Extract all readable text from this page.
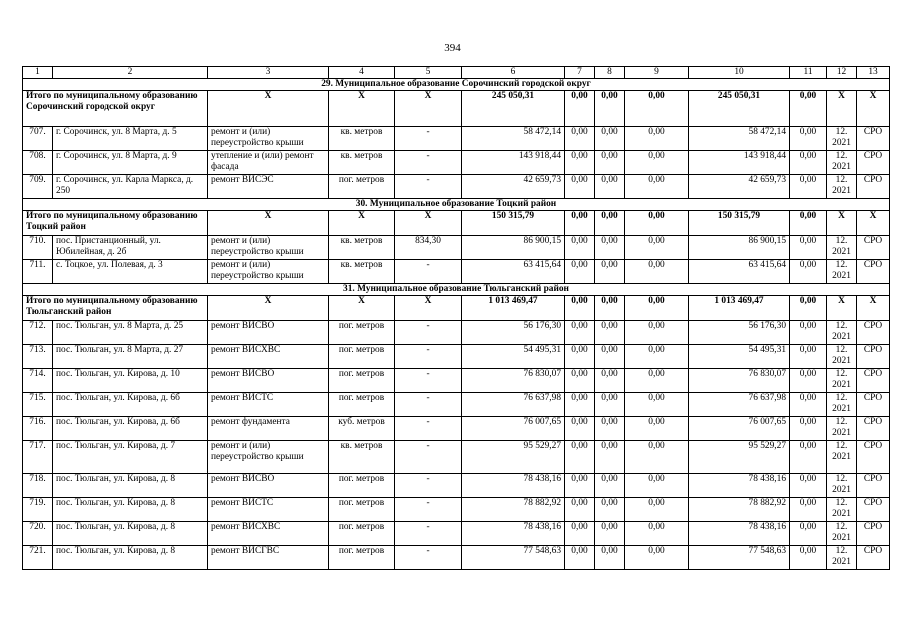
394
1	2	3	4	5	6	7	8	9	10	11	12	13
29. Муниципальное образование Сорочинский городской округ												
Итого по муниципальному образованию Сорочинский городской округ		X	X	X	245 050,31	0,00	0,00	0,00	245 050,31	0,00	X	X
707.	г. Сорочинск, ул. 8 Марта, д. 5	ремонт и (или) переустройство крыши	кв. метров	-	58 472,14	0,00	0,00	0,00	58 472,14	0,00	12. 2021	СРО
708.	г. Сорочинск, ул. 8 Марта, д. 9	утепление и (или) ремонт фасада	кв. метров	-	143 918,44	0,00	0,00	0,00	143 918,44	0,00	12. 2021	СРО
709.	г. Сорочинск, ул. Карла Маркса, д. 250	ремонт ВИСЭС	пог. метров	-	42 659,73	0,00	0,00	0,00	42 659,73	0,00	12. 2021	СРО
30. Муниципальное образование Тоцкий район												
Итого по муниципальному образованию Тоцкий район		X	X	X	150 315,79	0,00	0,00	0,00	150 315,79	0,00	X	X
710.	пос. Пристанционный, ул. Юбилейная, д. 2б	ремонт и (или) переустройство крыши	кв. метров	834,30	86 900,15	0,00	0,00	0,00	86 900,15	0,00	12. 2021	СРО
711.	с. Тоцкое, ул. Полевая, д. 3	ремонт и (или) переустройство крыши	кв. метров	-	63 415,64	0,00	0,00	0,00	63 415,64	0,00	12. 2021	СРО
31. Муниципальное образование Тюльганский район												
Итого по муниципальному образованию Тюльганский район		X	X	X	1 013 469,47	0,00	0,00	0,00	1 013 469,47	0,00	X	X
712.	пос. Тюльган, ул. 8 Марта, д. 25	ремонт ВИСВО	пог. метров	-	56 176,30	0,00	0,00	0,00	56 176,30	0,00	12. 2021	СРО
713.	пос. Тюльган, ул. 8 Марта, д. 27	ремонт ВИСХВС	пог. метров	-	54 495,31	0,00	0,00	0,00	54 495,31	0,00	12. 2021	СРО
714.	пос. Тюльган, ул. Кирова, д. 10	ремонт ВИСВО	пог. метров	-	76 830,07	0,00	0,00	0,00	76 830,07	0,00	12. 2021	СРО
715.	пос. Тюльган, ул. Кирова, д. 6б	ремонт ВИСТС	пог. метров	-	76 637,98	0,00	0,00	0,00	76 637,98	0,00	12. 2021	СРО
716.	пос. Тюльган, ул. Кирова, д. 6б	ремонт фундамента	куб. метров	-	76 007,65	0,00	0,00	0,00	76 007,65	0,00	12. 2021	СРО
717.	пос. Тюльган, ул. Кирова, д. 7	ремонт и (или) переустройство крыши	кв. метров	-	95 529,27	0,00	0,00	0,00	95 529,27	0,00	12. 2021	СРО
718.	пос. Тюльган, ул. Кирова, д. 8	ремонт ВИСВО	пог. метров	-	78 438,16	0,00	0,00	0,00	78 438,16	0,00	12. 2021	СРО
719.	пос. Тюльган, ул. Кирова, д. 8	ремонт ВИСТС	пог. метров	-	78 882,92	0,00	0,00	0,00	78 882,92	0,00	12. 2021	СРО
720.	пос. Тюльган, ул. Кирова, д. 8	ремонт ВИСХВС	пог. метров	-	78 438,16	0,00	0,00	0,00	78 438,16	0,00	12. 2021	СРО
721.	пос. Тюльган, ул. Кирова, д. 8	ремонт ВИСГВС	пог. метров	-	77 548,63	0,00	0,00	0,00	77 548,63	0,00	12. 2021	СРО
